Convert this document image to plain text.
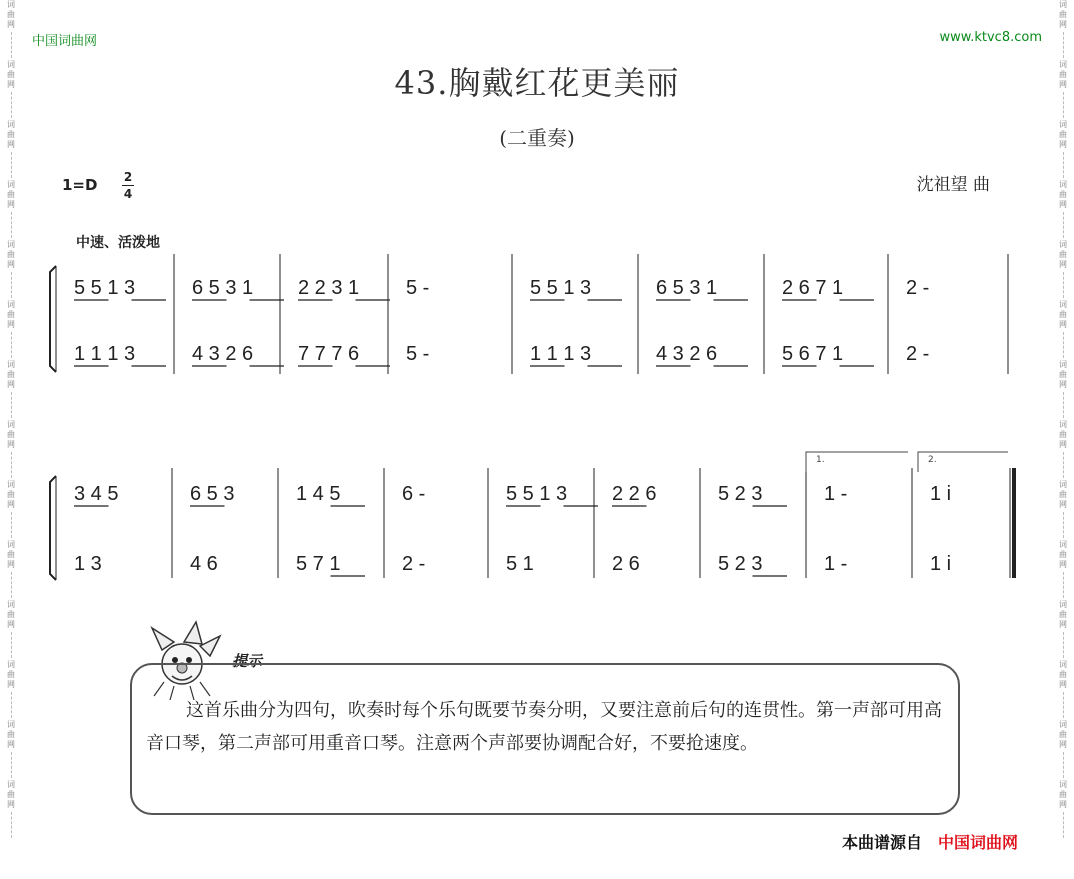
词
曲
网
词
曲
网
词
曲
网
词
曲
网
词
曲
网
词
曲
网
词
曲
网
词
曲
网
词
曲
网
词
曲
网
词
曲
网
词
曲
网
词
曲
网
词
曲
网
词
曲
网
词
曲
网
词
曲
网
词
曲
网
词
曲
网
词
曲
网
词
曲
网
词
曲
网
词
曲
网
词
曲
网
词
曲
网
词
曲
网
词
曲
网
词
曲
网
中国词曲网	www.ktvc8.com
43.胸戴红花更美丽
(二重奏)
1=D 2
4	沈祖望 曲
中速、活泼地
5 5 1 3	6 5 3 1 2 2 3 1 5 -	5 5 1 3	6 5 3 1	2 6 7 1	2 -
1 1 1 3	4 3 2 6 7 7 7 6 5 -	1 1 1 3	4 3 2 6	5 6 7 1	2 -
3 4 5	6 5 3	1 4 5	6 -	5 5 1 3 2 2 6	5 2 3	1 -	1 i
1 3	4 6	5 7 1	2 -	5 1	2 6	5 2 3	1 -	1 i
1.	2.
提示
这首乐曲分为四句，吹奏时每个乐句既要节奏分明，又要注意前后句的连贯性。第一声部可用高音口琴，第二声部可用重音口琴。注意两个声部要协调配合好，不要抢速度。
本曲谱源自 中国词曲网
